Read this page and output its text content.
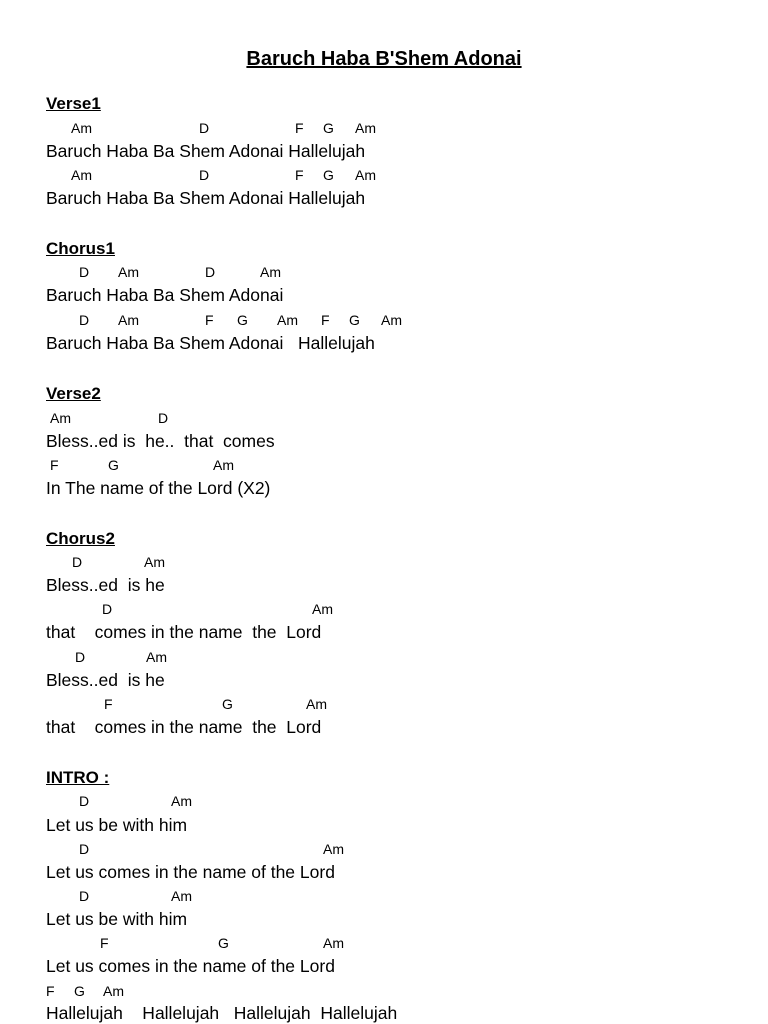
Baruch Haba B'Shem Adonai
Verse1
Am	D	F G Am
Baruch Haba Ba Shem Adonai Hallelujah
Am	D	F G Am
Baruch Haba Ba Shem Adonai Hallelujah
Chorus1
D Am	D	Am
Baruch Haba Ba Shem Adonai
D Am	F G Am F G Am
Baruch Haba Ba Shem Adonai   Hallelujah
Verse2
Am	D
Bless..ed is  he..  that  comes
F	G	Am
In The name of the Lord (X2)
Chorus2
D	Am
Bless..ed  is he
D	Am
that    comes in the name  the  Lord
D	Am
Bless..ed  is he
F	G	Am
that    comes in the name  the  Lord
INTRO :
D	Am
Let us be with him
D	Am
Let us comes in the name of the Lord
D	Am
Let us be with him
F	G	Am
Let us comes in the name of the Lord
F G Am
Hallelujah    Hallelujah   Hallelujah  Hallelujah
